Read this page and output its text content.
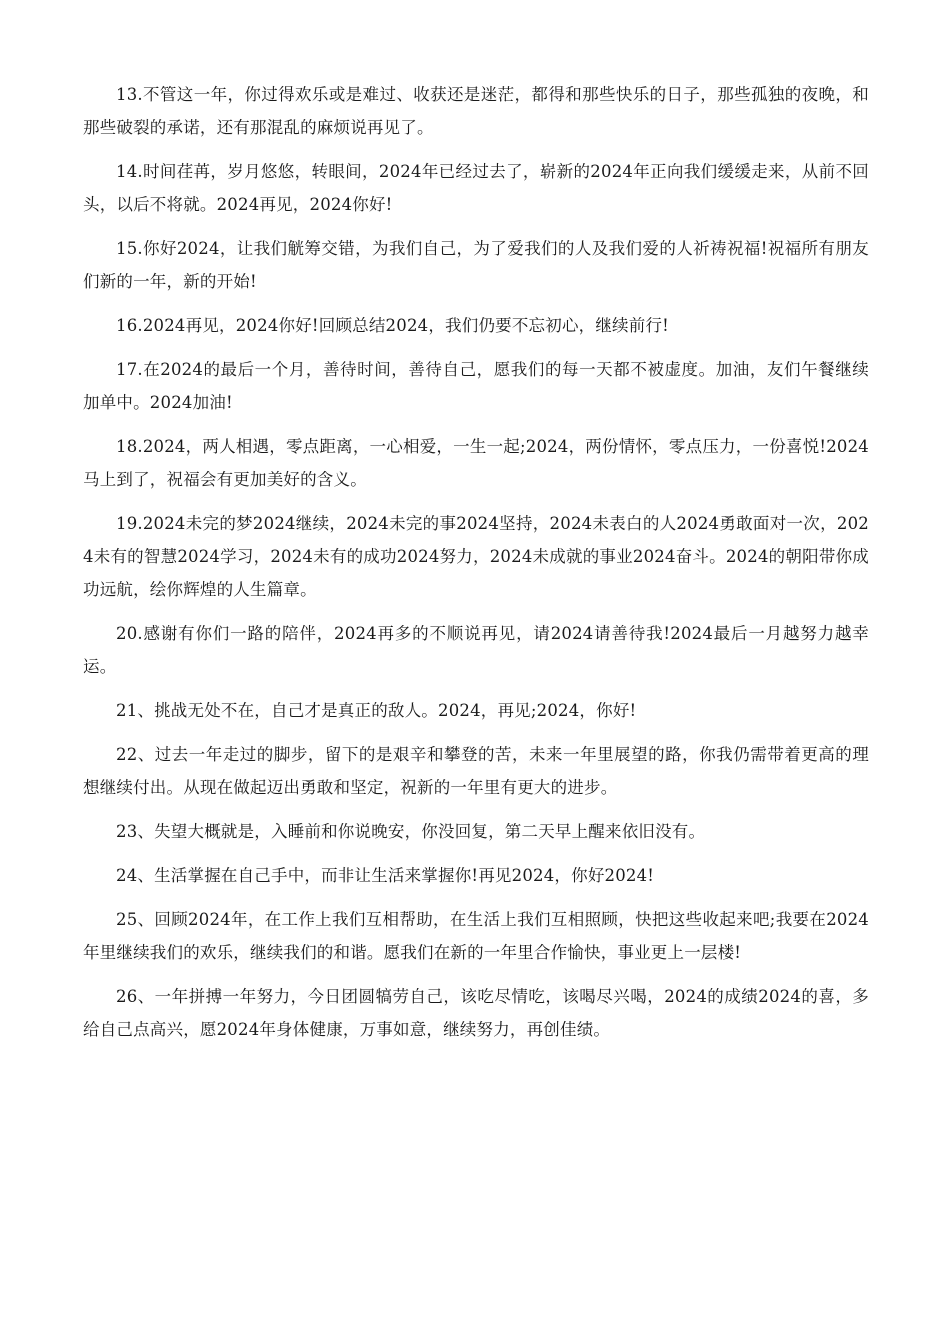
13.不管这一年，你过得欢乐或是难过、收获还是迷茫，都得和那些快乐的日子，那些孤独的夜晚，和那些破裂的承诺，还有那混乱的麻烦说再见了。

14.时间荏苒，岁月悠悠，转眼间，2024年已经过去了，崭新的2024年正向我们缓缓走来，从前不回头，以后不将就。2024再见，2024你好!

15.你好2024，让我们觥筹交错，为我们自己，为了爱我们的人及我们爱的人祈祷祝福!祝福所有朋友们新的一年，新的开始!

16.2024再见，2024你好!回顾总结2024，我们仍要不忘初心，继续前行!

17.在2024的最后一个月，善待时间，善待自己，愿我们的每一天都不被虚度。加油，友们午餐继续加单中。2024加油!

18.2024，两人相遇，零点距离，一心相爱，一生一起;2024，两份情怀，零点压力，一份喜悦!2024马上到了，祝福会有更加美好的含义。

19.2024未完的梦2024继续，2024未完的事2024坚持，2024未表白的人2024勇敢面对一次，2024未有的智慧2024学习，2024未有的成功2024努力，2024未成就的事业2024奋斗。2024的朝阳带你成功远航，绘你辉煌的人生篇章。

20.感谢有你们一路的陪伴，2024再多的不顺说再见，请2024请善待我!2024最后一月越努力越幸运。

21、挑战无处不在，自己才是真正的敌人。2024，再见;2024，你好!

22、过去一年走过的脚步，留下的是艰辛和攀登的苦，未来一年里展望的路，你我仍需带着更高的理想继续付出。从现在做起迈出勇敢和坚定，祝新的一年里有更大的进步。

23、失望大概就是，入睡前和你说晚安，你没回复，第二天早上醒来依旧没有。

24、生活掌握在自己手中，而非让生活来掌握你!再见2024，你好2024!

25、回顾2024年，在工作上我们互相帮助，在生活上我们互相照顾，快把这些收起来吧;我要在2024年里继续我们的欢乐，继续我们的和谐。愿我们在新的一年里合作愉快，事业更上一层楼!

26、一年拼搏一年努力，今日团圆犒劳自己，该吃尽情吃，该喝尽兴喝，2024的成绩2024的喜，多给自己点高兴，愿2024年身体健康，万事如意，继续努力，再创佳绩。
